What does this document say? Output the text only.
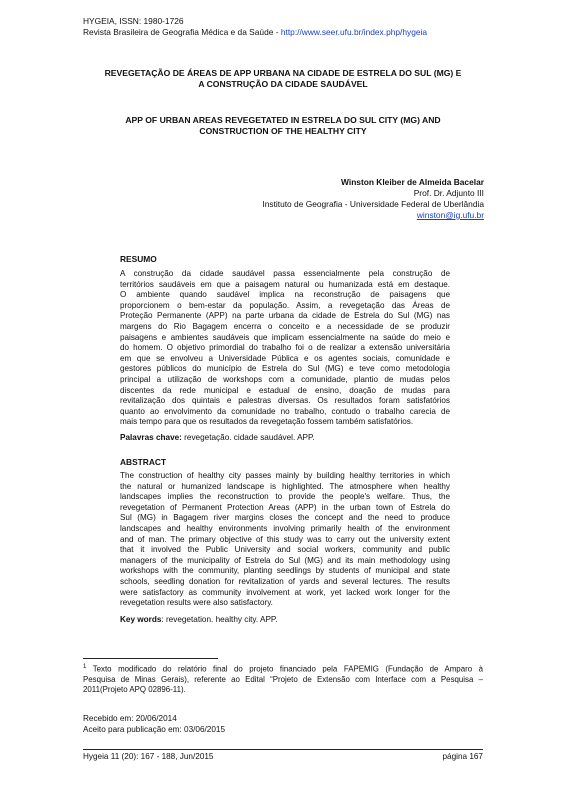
HYGEIA, ISSN: 1980-1726
Revista Brasileira de Geografia Médica e da Saúde - http://www.seer.ufu.br/index.php/hygeia
REVEGETAÇÃO DE ÁREAS DE APP URBANA NA CIDADE DE ESTRELA DO SUL (MG) E
A CONSTRUÇÃO DA CIDADE SAUDÁVEL
APP OF URBAN AREAS REVEGETATED IN ESTRELA DO SUL CITY (MG) AND
CONSTRUCTION OF THE HEALTHY CITY
Winston Kleiber de Almeida Bacelar
Prof. Dr. Adjunto III
Instituto de Geografia - Universidade Federal de Uberlândia
winston@ig.ufu.br
RESUMO
A construção da cidade saudável passa essencialmente pela construção de
territórios saudáveis em que a paisagem natural ou humanizada está em destaque.
O ambiente quando saudável implica na reconstrução de paisagens que
proporcionem o bem-estar da população. Assim, a revegetação das Áreas de
Proteção Permanente (APP) na parte urbana da cidade de Estrela do Sul (MG) nas
margens do Rio Bagagem encerra o conceito e a necessidade de se produzir
paisagens e ambientes saudáveis que implicam essencialmente na saúde do meio e
do homem. O objetivo primordial do trabalho foi o de realizar a extensão universitária
em que se envolveu a Universidade Pública e os agentes sociais, comunidade e
gestores públicos do município de Estrela do Sul (MG) e teve como metodologia
principal a utilização de workshops com a comunidade, plantio de mudas pelos
discentes da rede municipal e estadual de ensino, doação de mudas para
revitalização dos quintais e palestras diversas. Os resultados foram satisfatórios
quanto ao envolvimento da comunidade no trabalho, contudo o trabalho carecia de
mais tempo para que os resultados da revegetação fossem também satisfatórios.
Palavras chave: revegetação. cidade saudável. APP.
ABSTRACT
The construction of healthy city passes mainly by building healthy territories in which
the natural or humanized landscape is highlighted. The atmosphere when healthy
landscapes implies the reconstruction to provide the people's welfare. Thus, the
revegetation of Permanent Protection Areas (APP) in the urban town of Estrela do
Sul (MG) in Bagagem river margins closes the concept and the need to produce
landscapes and healthy environments involving primarily health of the environment
and of man. The primary objective of this study was to carry out the university extent
that it involved the Public University and social workers, community and public
managers of the municipality of Estrela do Sul (MG) and its main methodology using
workshops with the community, planting seedlings by students of municipal and state
schools, seedling donation for revitalization of yards and several lectures. The results
were satisfactory as community involvement at work, yet lacked work longer for the
revegetation results were also satisfactory.
Key words: revegetation. healthy city. APP.
$^1$ Texto modificado do relatório final do projeto financiado pela FAPEMIG (Fundação de Amparo à
Pesquisa de Minas Gerais), referente ao Edital “Projeto de Extensão com Interface com a Pesquisa –
2011(Projeto APQ 02896-11).
Recebido em: 20/06/2014
Aceito para publicação em: 03/06/2015
Hygeia 11 (20): 167 - 188, Jun/2015	página 167
